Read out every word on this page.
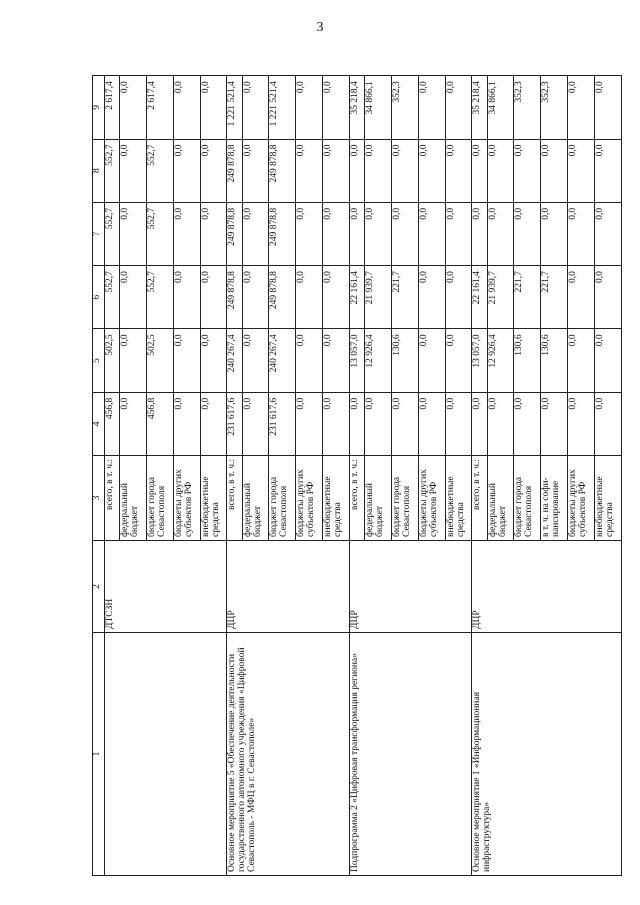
3
1	2	3	4	5	6	7	8	9
	ДТСЗН	всего, в т. ч.:	456,8	502,5	552,7	552,7	552,7	2 617,4
		федеральный бюджет	0,0	0,0	0,0	0,0	0,0	0,0
		бюджет города Севастополя	456,8	502,5	552,7	552,7	552,7	2 617,4
		бюджеты других субъектов РФ	0,0	0,0	0,0	0,0	0,0	0,0
		внебюджетные средства	0,0	0,0	0,0	0,0	0,0	0,0
Основное мероприятие 5 «Обеспечение деятельности государственного автономного учреждения «Цифровой Севастополь - МФЦ в г. Севастополе»	ДЦР	всего, в т. ч.:	231 617,6	240 267,4	249 878,8	249 878,8	249 878,8	1 221 521,4
		федеральный бюджет	0,0	0,0	0,0	0,0	0,0	0,0
		бюджет города Севастополя	231 617,6	240 267,4	249 878,8	249 878,8	249 878,8	1 221 521,4
		бюджеты других субъектов РФ	0,0	0,0	0,0	0,0	0,0	0,0
		внебюджетные средства	0,0	0,0	0,0	0,0	0,0	0,0
Подпрограмма 2 «Цифровая трансформация региона»	ДЦР	всего, в т. ч.:	0,0	13 057,0	22 161,4	0,0	0,0	35 218,4
		федеральный бюджет	0,0	12 926,4	21 939,7	0,0	0,0	34 866,1
		бюджет города Севастополя	0,0	130,6	221,7	0,0	0,0	352,3
		бюджеты других субъектов РФ	0,0	0,0	0,0	0,0	0,0	0,0
		внебюджетные средства	0,0	0,0	0,0	0,0	0,0	0,0
Основное мероприятие 1 «Информационная инфраструктура»	ДЦР	всего, в т. ч.:	0,0	13 057,0	22 161,4	0,0	0,0	35 218,4
		федеральный бюджет	0,0	12 926,4	21 939,7	0,0	0,0	34 866,1
		бюджет города Севастополя	0,0	130,6	221,7	0,0	0,0	352,3
		в т. ч. на софи-нансирование	0,0	130,6	221,7	0,0	0,0	352,3
		бюджеты других субъектов РФ	0,0	0,0	0,0	0,0	0,0	0,0
		внебюджетные средства	0,0	0,0	0,0	0,0	0,0	0,0
